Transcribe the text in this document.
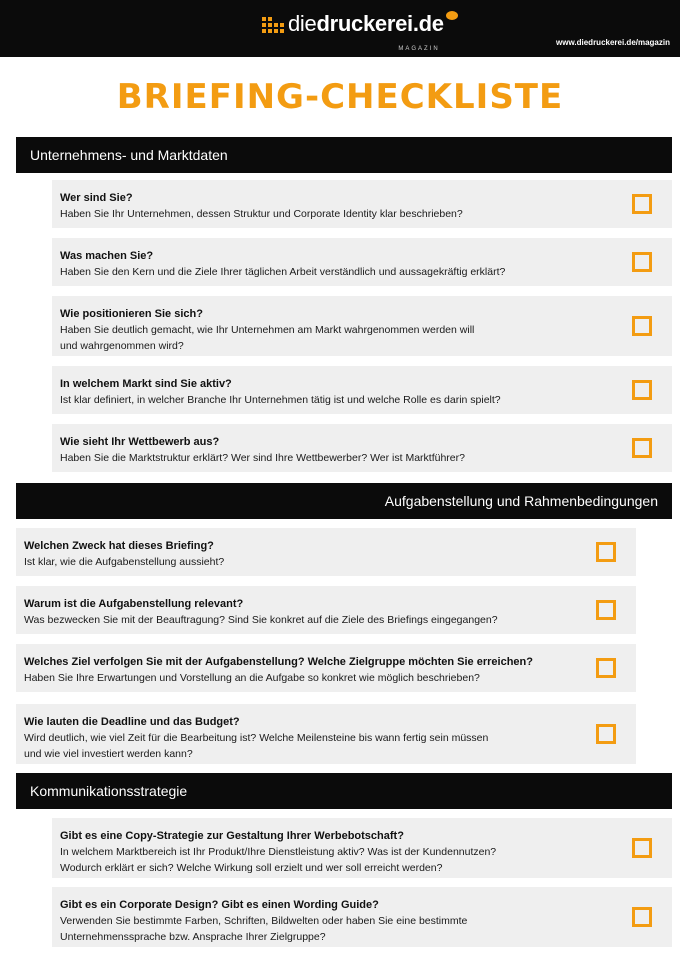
diedruckerei.de
MAGAZIN
www.diedruckerei.de/magazin
BRIEFING-CHECKLISTE
Unternehmens- und Marktdaten
Wer sind Sie?
Haben Sie Ihr Unternehmen, dessen Struktur und Corporate Identity klar beschrieben?
Was machen Sie?
Haben Sie den Kern und die Ziele Ihrer täglichen Arbeit verständlich und aussagekräftig erklärt?
Wie positionieren Sie sich?
Haben Sie deutlich gemacht, wie Ihr Unternehmen am Markt wahrgenommen werden will
und wahrgenommen wird?
In welchem Markt sind Sie aktiv?
Ist klar definiert, in welcher Branche Ihr Unternehmen tätig ist und welche Rolle es darin spielt?
Wie sieht Ihr Wettbewerb aus?
Haben Sie die Marktstruktur erklärt? Wer sind Ihre Wettbewerber? Wer ist Marktführer?
Aufgabenstellung und Rahmenbedingungen
Welchen Zweck hat dieses Briefing?
Ist klar, wie die Aufgabenstellung aussieht?
Warum ist die Aufgabenstellung relevant?
Was bezwecken Sie mit der Beauftragung? Sind Sie konkret auf die Ziele des Briefings eingegangen?
Welches Ziel verfolgen Sie mit der Aufgabenstellung? Welche Zielgruppe möchten Sie erreichen?
Haben Sie Ihre Erwartungen und Vorstellung an die Aufgabe so konkret wie möglich beschrieben?
Wie lauten die Deadline und das Budget?
Wird deutlich, wie viel Zeit für die Bearbeitung ist? Welche Meilensteine bis wann fertig sein müssen
und wie viel investiert werden kann?
Kommunikationsstrategie
Gibt es eine Copy-Strategie zur Gestaltung Ihrer Werbebotschaft?
In welchem Marktbereich ist Ihr Produkt/Ihre Dienstleistung aktiv? Was ist der Kundennutzen?
Wodurch erklärt er sich? Welche Wirkung soll erzielt und wer soll erreicht werden?
Gibt es ein Corporate Design? Gibt es einen Wording Guide?
Verwenden Sie bestimmte Farben, Schriften, Bildwelten oder haben Sie eine bestimmte
Unternehmenssprache bzw. Ansprache Ihrer Zielgruppe?
